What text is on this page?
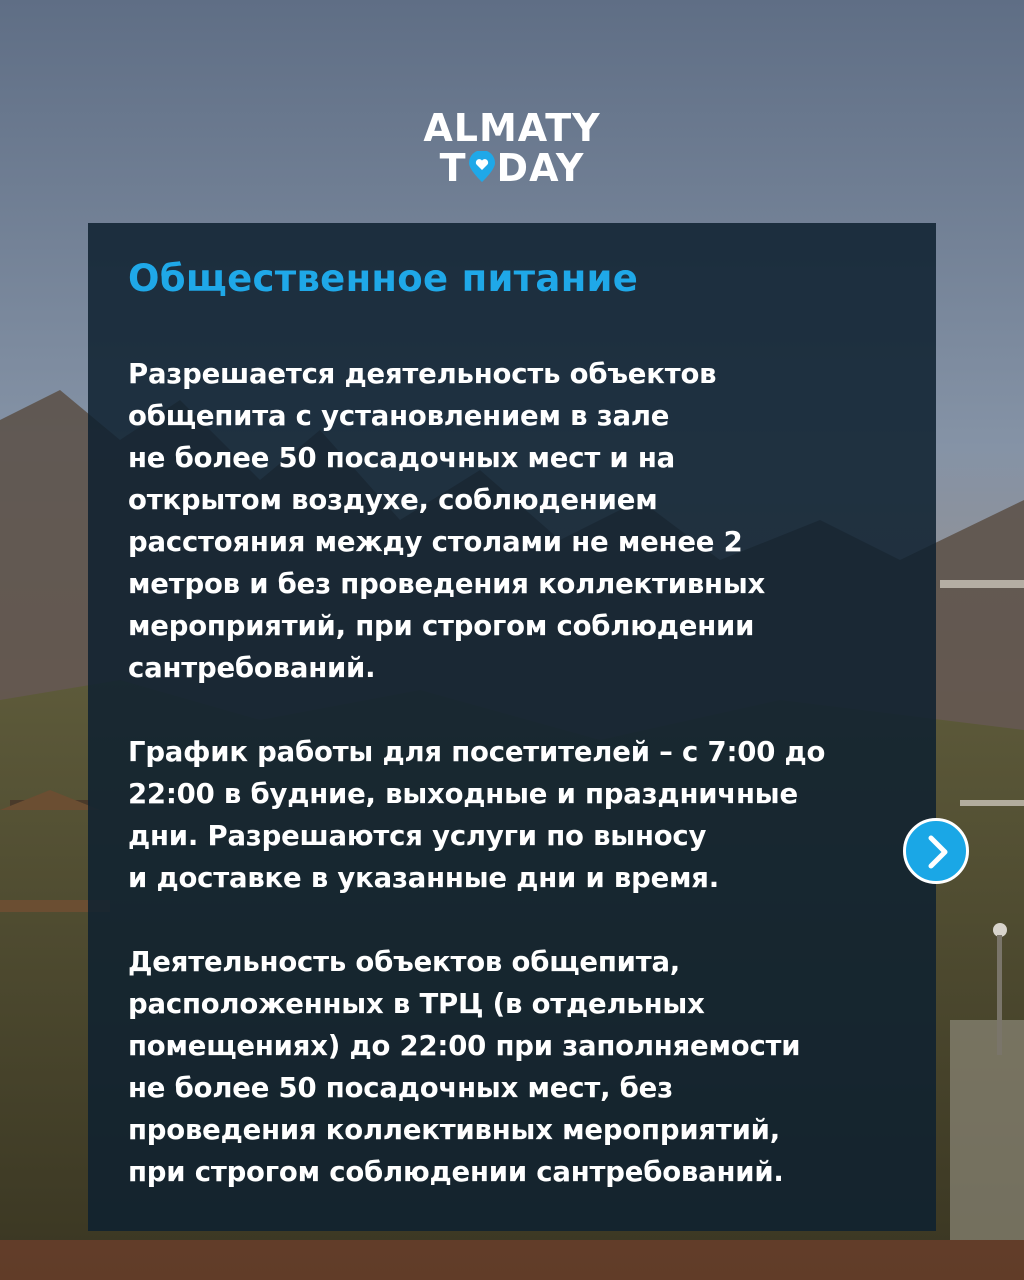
ALMATY
T DAY
Общественное питание

Разрешается деятельность объектов
общепита с установлением в зале
не более 50 посадочных мест и на
открытом воздухе, соблюдением
расстояния между столами не менее 2
метров и без проведения коллективных
мероприятий, при строгом соблюдении
сантребований.

График работы для посетителей – с 7:00 до
22:00 в будние, выходные и праздничные
дни. Разрешаются услуги по выносу
и доставке в указанные дни и время.

Деятельность объектов общепита,
расположенных в ТРЦ (в отдельных
помещениях) до 22:00 при заполняемости
не более 50 посадочных мест, без
проведения коллективных мероприятий,
при строгом соблюдении сантребований.
